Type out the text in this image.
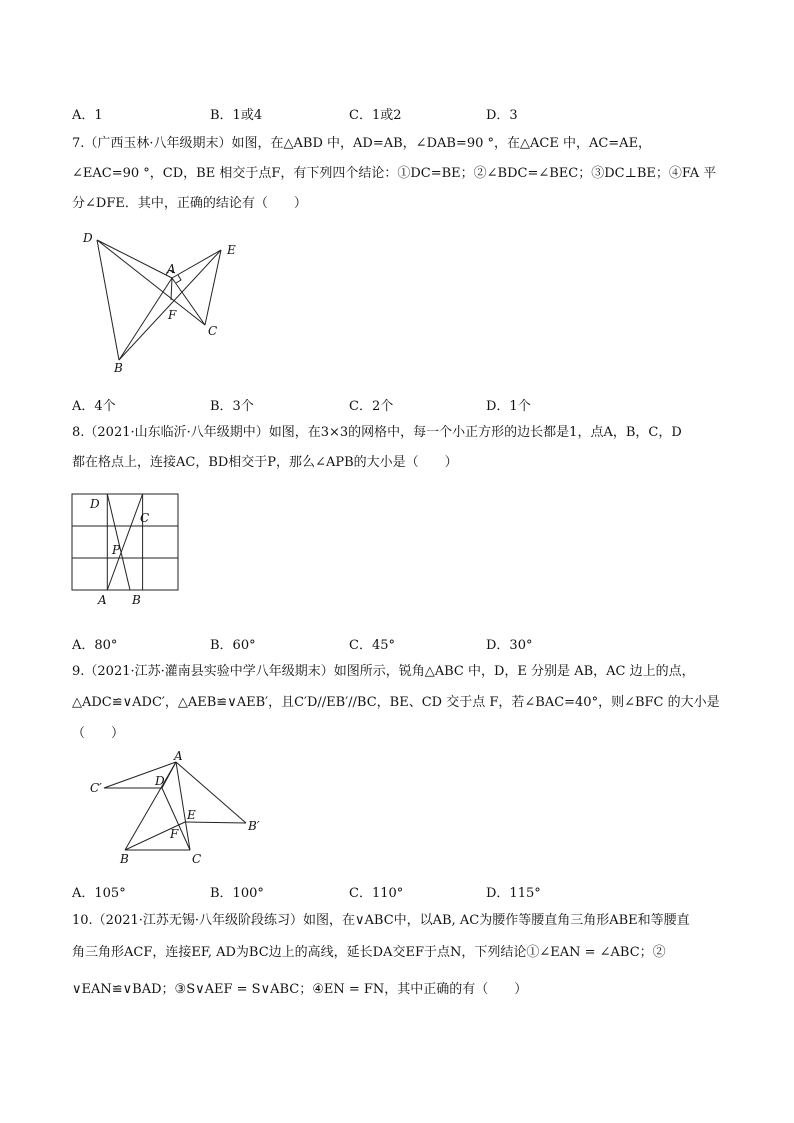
A．1	B．1或4	C．1或2	D．3
7.（广西玉林·八年级期末）如图，在△ABD 中，AD=AB，∠DAB=90 °，在△ACE 中，AC=AE，
∠EAC=90 °，CD，BE 相交于点F，有下列四个结论：①DC=BE；②∠BDC=∠BEC；③DC⊥BE；④FA 平
分∠DFE．其中，正确的结论有（　　）
D
E
A
F
C
B
A．4个	B．3个	C．2个	D．1个
8.（2021·山东临沂·八年级期中）如图，在3×3的网格中，每一个小正方形的边长都是1，点A，B，C，D
都在格点上，连接AC，BD相交于P，那么∠APB的大小是（　　）
D
C
P
A B
A．80°	B．60°	C．45°	D．30°
9.（2021·江苏·灌南县实验中学八年级期末）如图所示，锐角△ABC 中，D，E 分别是 AB，AC 边上的点，
△ADC≌∨ADC′，△AEB≌∨AEB′，且C′D//EB′//BC，BE、CD 交于点 F，若∠BAC=40°，则∠BFC 的大小是
（　　）
A
C′	D
E
B′
F
B	C
A．105°	B．100°	C．110°	D．115°
10.（2021·江苏无锡·八年级阶段练习）如图，在∨ABC中，以AB, AC为腰作等腰直角三角形ABE和等腰直
角三角形ACF，连接EF, AD为BC边上的高线，延长DA交EF于点N，下列结论①∠EAN = ∠ABC；②
∨EAN≌∨BAD；③S∨AEF = S∨ABC；④EN = FN，其中正确的有（　　）
